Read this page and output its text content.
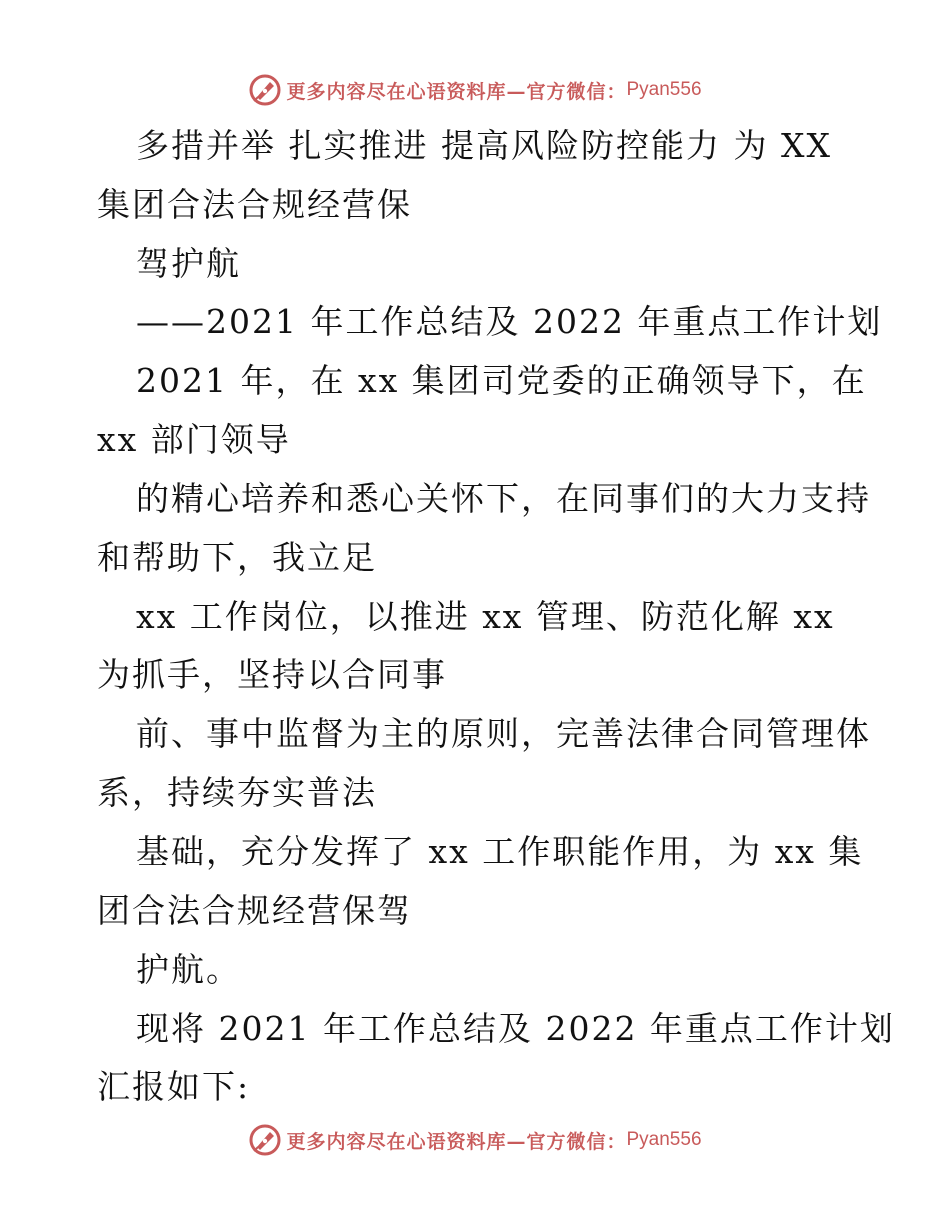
更多内容尽在心语资料库—官方微信： Pyan556
多措并举 扎实推进 提高风险防控能力 为 XX
集团合法合规经营保
驾护航
——2021 年工作总结及 2022 年重点工作计划
2021 年，在 xx 集团司党委的正确领导下，在
xx 部门领导
的精心培养和悉心关怀下，在同事们的大力支持
和帮助下，我立足
xx 工作岗位，以推进 xx 管理、防范化解 xx
为抓手，坚持以合同事
前、事中监督为主的原则，完善法律合同管理体
系，持续夯实普法
基础，充分发挥了 xx 工作职能作用，为 xx 集
团合法合规经营保驾
护航。
现将 2021 年工作总结及 2022 年重点工作计划
汇报如下:
更多内容尽在心语资料库—官方微信： Pyan556
